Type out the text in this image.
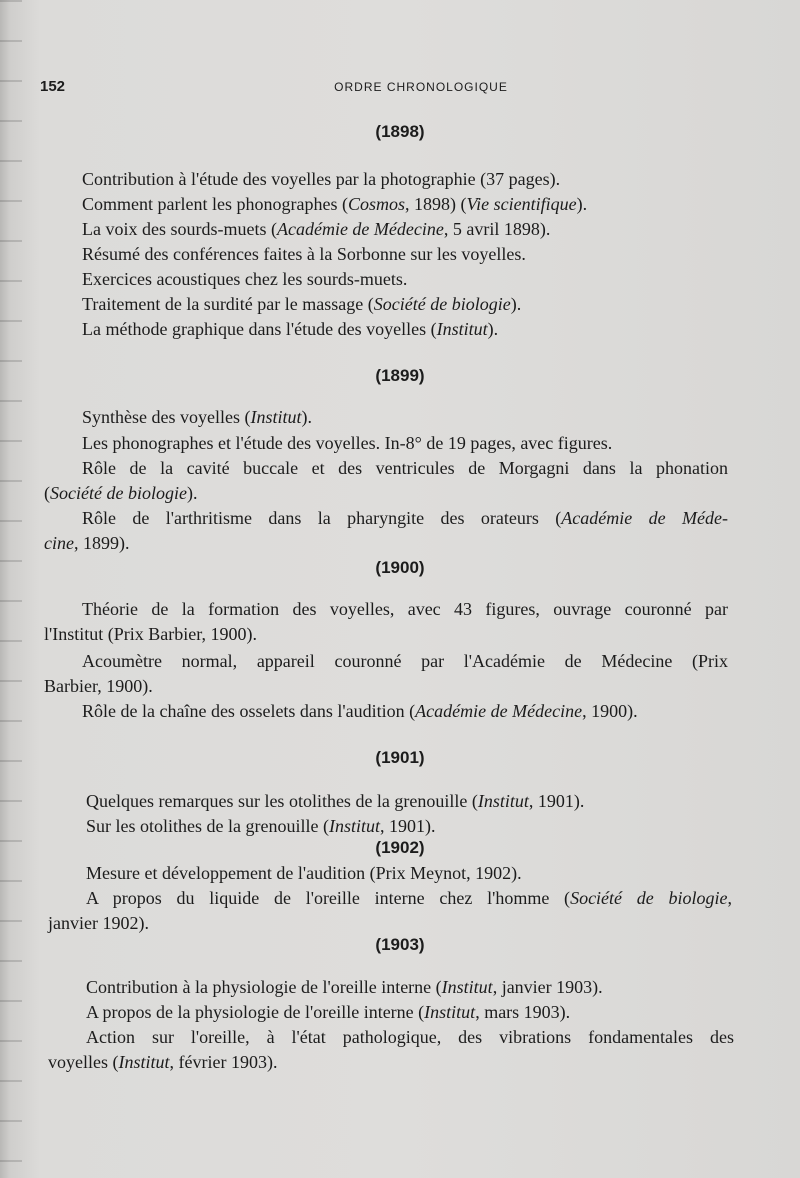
152	ORDRE CHRONOLOGIQUE
(1898)
Contribution à l'étude des voyelles par la photographie (37 pages).
Comment parlent les phonographes (Cosmos, 1898) (Vie scientifique).
La voix des sourds-muets (Académie de Médecine, 5 avril 1898).
Résumé des conférences faites à la Sorbonne sur les voyelles.
Exercices acoustiques chez les sourds-muets.
Traitement de la surdité par le massage (Société de biologie).
La méthode graphique dans l'étude des voyelles (Institut).
(1899)
Synthèse des voyelles (Institut).
Les phonographes et l'étude des voyelles. In-8° de 19 pages, avec figures.
Rôle de la cavité buccale et des ventricules de Morgagni dans la phonation
(Société de biologie).
Rôle de l'arthritisme dans la pharyngite des orateurs (Académie de Méde-
cine, 1899).
(1900)
Théorie de la formation des voyelles, avec 43 figures, ouvrage couronné par
l'Institut (Prix Barbier, 1900).
Acoumètre normal, appareil couronné par l'Académie de Médecine (Prix
Barbier, 1900).
Rôle de la chaîne des osselets dans l'audition (Académie de Médecine, 1900).
(1901)
Quelques remarques sur les otolithes de la grenouille (Institut, 1901).
Sur les otolithes de la grenouille (Institut, 1901).
(1902)
Mesure et développement de l'audition (Prix Meynot, 1902).
A propos du liquide de l'oreille interne chez l'homme (Société de biologie,
janvier 1902).
(1903)
Contribution à la physiologie de l'oreille interne (Institut, janvier 1903).
A propos de la physiologie de l'oreille interne (Institut, mars 1903).
Action sur l'oreille, à l'état pathologique, des vibrations fondamentales des
voyelles (Institut, février 1903).
